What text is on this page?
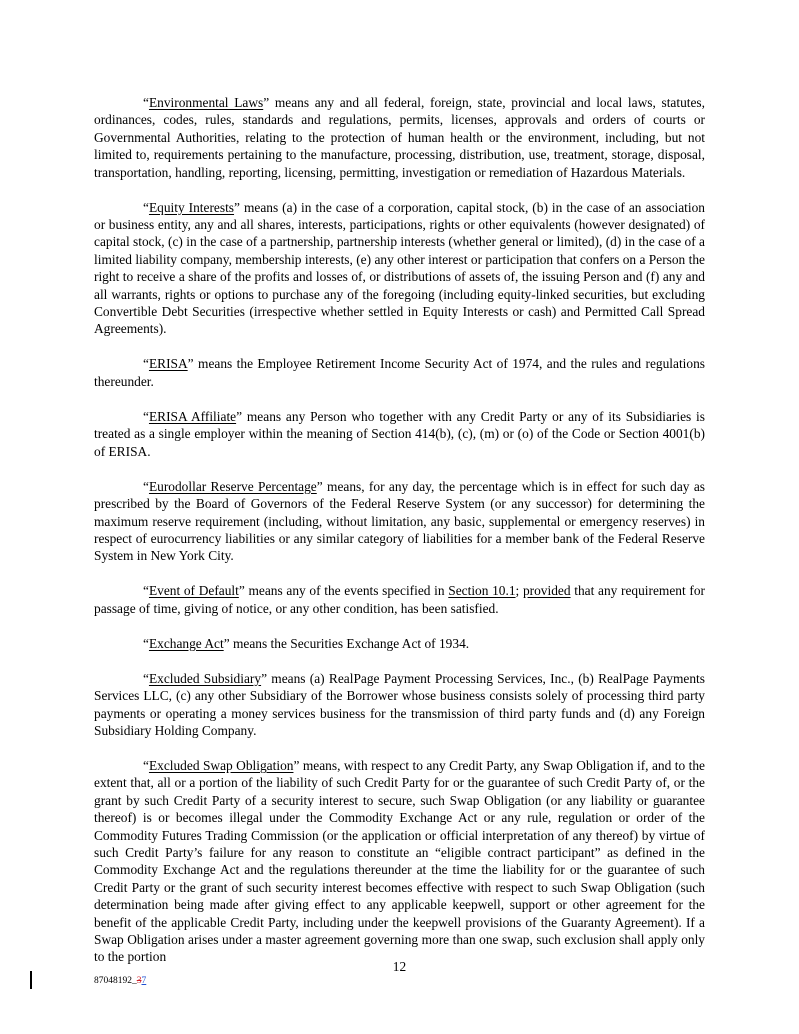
“Environmental Laws” means any and all federal, foreign, state, provincial and local laws, statutes, ordinances, codes, rules, standards and regulations, permits, licenses, approvals and orders of courts or Governmental Authorities, relating to the protection of human health or the environment, including, but not limited to, requirements pertaining to the manufacture, processing, distribution, use, treatment, storage, disposal, transportation, handling, reporting, licensing, permitting, investigation or remediation of Hazardous Materials.

“Equity Interests” means (a) in the case of a corporation, capital stock, (b) in the case of an association or business entity, any and all shares, interests, participations, rights or other equivalents (however designated) of capital stock, (c) in the case of a partnership, partnership interests (whether general or limited), (d) in the case of a limited liability company, membership interests, (e) any other interest or participation that confers on a Person the right to receive a share of the profits and losses of, or distributions of assets of, the issuing Person and (f) any and all warrants, rights or options to purchase any of the foregoing (including equity-linked securities, but excluding Convertible Debt Securities (irrespective whether settled in Equity Interests or cash) and Permitted Call Spread Agreements).

“ERISA” means the Employee Retirement Income Security Act of 1974, and the rules and regulations thereunder.

“ERISA Affiliate” means any Person who together with any Credit Party or any of its Subsidiaries is treated as a single employer within the meaning of Section 414(b), (c), (m) or (o) of the Code or Section 4001(b) of ERISA.

“Eurodollar Reserve Percentage” means, for any day, the percentage which is in effect for such day as prescribed by the Board of Governors of the Federal Reserve System (or any successor) for determining the maximum reserve requirement (including, without limitation, any basic, supplemental or emergency reserves) in respect of eurocurrency liabilities or any similar category of liabilities for a member bank of the Federal Reserve System in New York City.

“Event of Default” means any of the events specified in Section 10.1; provided that any requirement for passage of time, giving of notice, or any other condition, has been satisfied.

“Exchange Act” means the Securities Exchange Act of 1934.

“Excluded Subsidiary” means (a) RealPage Payment Processing Services, Inc., (b) RealPage Payments Services LLC, (c) any other Subsidiary of the Borrower whose business consists solely of processing third party payments or operating a money services business for the transmission of third party funds and (d) any Foreign Subsidiary Holding Company.

“Excluded Swap Obligation” means, with respect to any Credit Party, any Swap Obligation if, and to the extent that, all or a portion of the liability of such Credit Party for or the guarantee of such Credit Party of, or the grant by such Credit Party of a security interest to secure, such Swap Obligation (or any liability or guarantee thereof) is or becomes illegal under the Commodity Exchange Act or any rule, regulation or order of the Commodity Futures Trading Commission (or the application or official interpretation of any thereof) by virtue of such Credit Party’s failure for any reason to constitute an “eligible contract participant” as defined in the Commodity Exchange Act and the regulations thereunder at the time the liability for or the guarantee of such Credit Party or the grant of such security interest becomes effective with respect to such Swap Obligation (such determination being made after giving effect to any applicable keepwell, support or other agreement for the benefit of the applicable Credit Party, including under the keepwell provisions of the Guaranty Agreement). If a Swap Obligation arises under a master agreement governing more than one swap, such exclusion shall apply only to the portion

12
87048192_37
